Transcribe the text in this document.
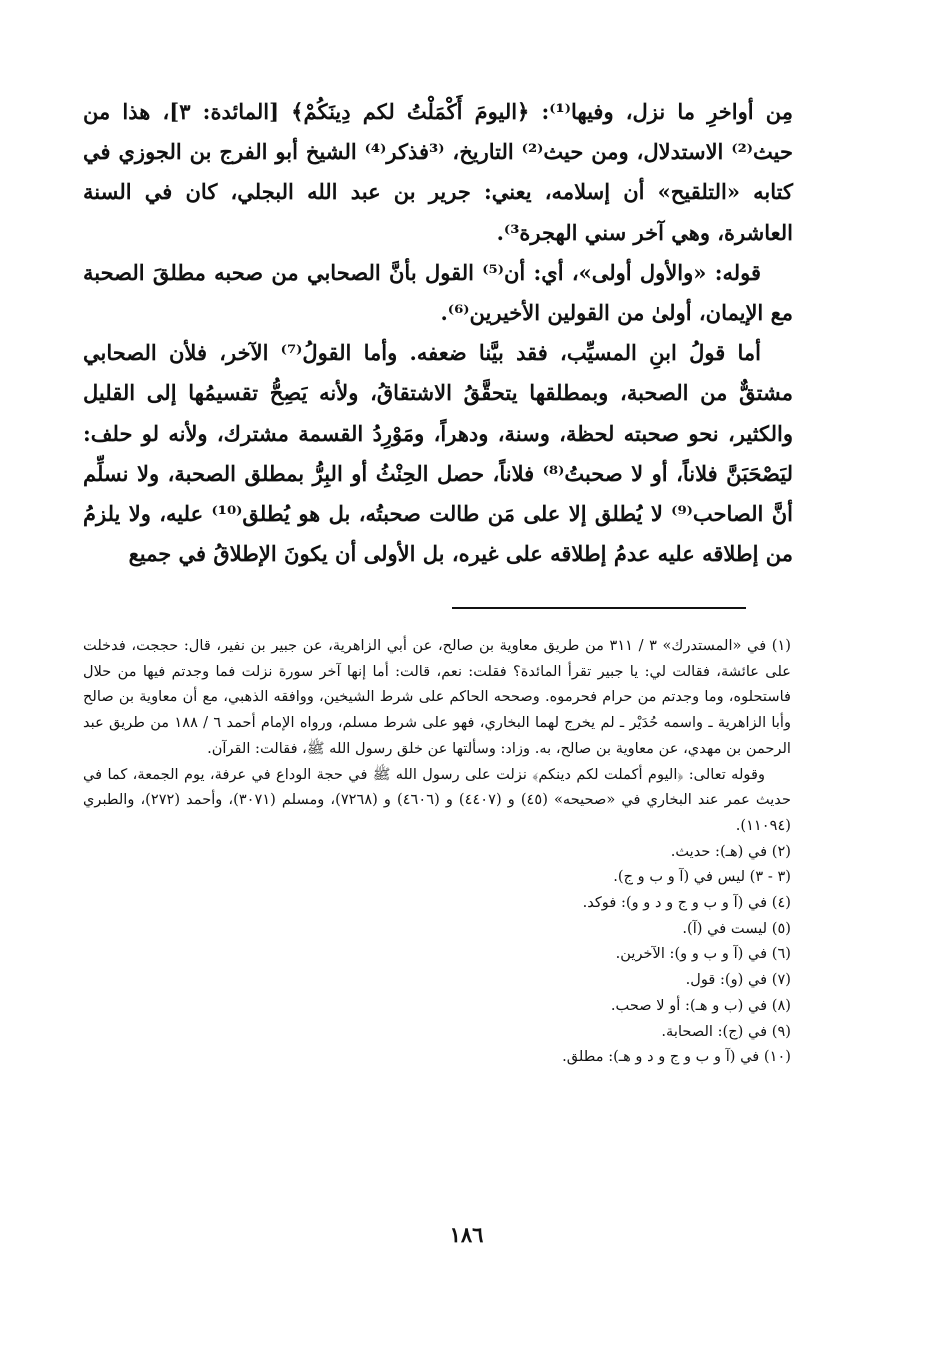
مِن أواخرِ ما نزل، وفيها⁽¹⁾: ﴿اليومَ أَكْمَلْتُ لكم دِينَكُمْ﴾ [المائدة: ٣]، هذا من حيث⁽²⁾ الاستدلال، ومن حيث⁽²⁾ التاريخ، ⁽³فذكر⁽⁴⁾ الشيخ أبو الفرج بن الجوزي في كتابه «التلقيح» أن إسلامه، يعني: جرير بن عبد الله البجلي، كان في السنة العاشرة، وهي آخر سني الهجرة³⁾.

قوله: «والأول أولى»، أي: أن⁽⁵⁾ القول بأنَّ الصحابي من صحبه مطلقَ الصحبة مع الإيمان، أولىٰ من القولين الأخيرين⁽⁶⁾.

أما قولُ ابنِ المسيِّب، فقد بيَّنا ضعفه. وأما القولُ⁽⁷⁾ الآخر، فلأن الصحابي مشتقٌّ من الصحبة، وبمطلقها يتحقَّقُ الاشتقاقُ، ولأنه يَصِحُّ تقسيمُها إلى القليل والكثير، نحو صحبته لحظة، وسنة، ودهراً، ومَوْرِدُ القسمة مشترك، ولأنه لو حلف: ليَصْحَبَنَّ فلاناً، أو لا صحبتُ⁽⁸⁾ فلاناً، حصل الحِنْثُ أو البِرُّ بمطلق الصحبة، ولا نسلِّم أنَّ الصاحب⁽⁹⁾ لا يُطلق إلا على مَن طالت صحبتُه، بل هو يُطلق⁽¹⁰⁾ عليه، ولا يلزمُ من إطلاقه عليه عدمُ إطلاقه على غيره، بل الأولى أن يكونَ الإطلاقُ في جميع

(١) في «المستدرك» ٣ / ٣١١ من طريق معاوية بن صالح، عن أبي الزاهرية، عن جبير بن نفير، قال: حججت، فدخلت على عائشة، فقالت لي: يا جبير تقرأ المائدة؟ فقلت: نعم، قالت: أما إنها آخر سورة نزلت فما وجدتم فيها من حلال فاستحلوه، وما وجدتم من حرام فحرموه. وصححه الحاكم على شرط الشيخين، ووافقه الذهبي، مع أن معاوية بن صالح وأبا الزاهرية ـ واسمه حُدَيْر ـ لم يخرج لهما البخاري، فهو على شرط مسلم، ورواه الإمام أحمد ٦ / ١٨٨ من طريق عبد الرحمن بن مهدي، عن معاوية بن صالح، به. وزاد: وسألتها عن خلق رسول الله ﷺ، فقالت: القرآن.

وقوله تعالى: ﴿اليوم أكملت لكم دينكم﴾ نزلت على رسول الله ﷺ في حجة الوداع في عرفة، يوم الجمعة، كما في حديث عمر عند البخاري في «صحيحه» (٤٥) و (٤٤٠٧) و (٤٦٠٦) و (٧٢٦٨)، ومسلم (٣٠٧١)، وأحمد (٢٧٢)، والطبري (١١٠٩٤).

(٢) في (هـ): حديث.

(٣ - ٣) ليس في (آ و ب و ج).

(٤) في (آ و ب و ج و د و و): فوكد.

(٥) ليست في (آ).

(٦) في (آ و ب و و): الآخرين.

(٧) في (و): قول.

(٨) في (ب و هـ): أو لا صحب.

(٩) في (ج): الصحابة.

(١٠) في (آ و ب و ج و د و هـ): مطلق.

١٨٦
